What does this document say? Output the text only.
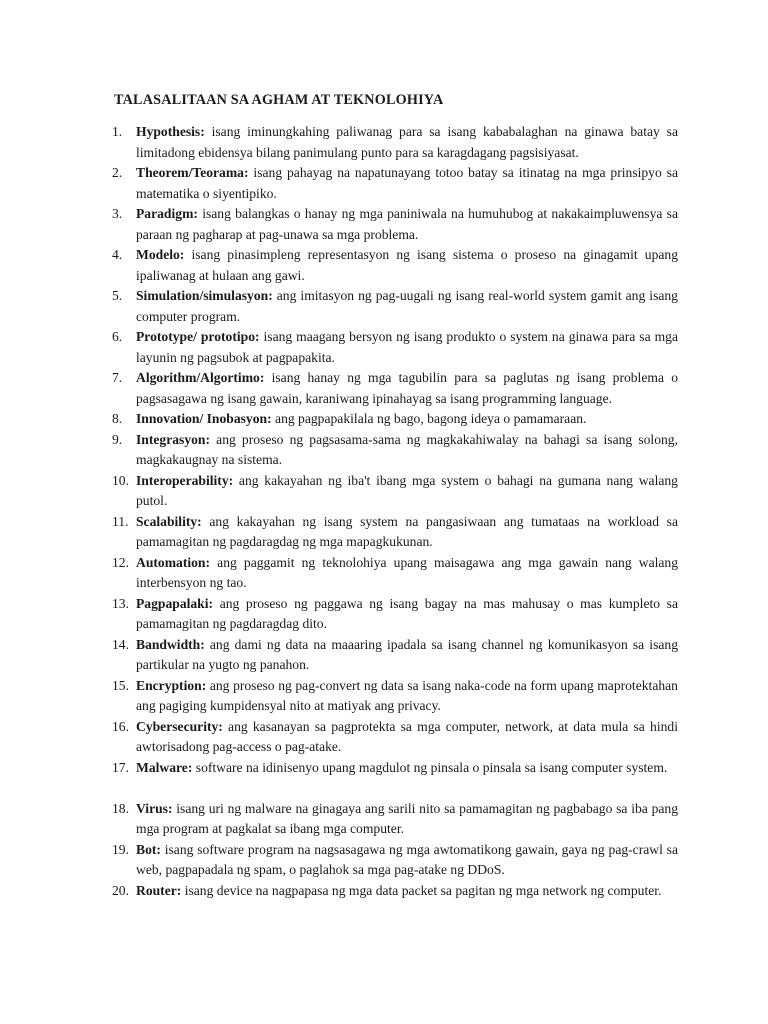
TALASALITAAN SA AGHAM AT TEKNOLOHIYA
1.	Hypothesis: isang iminungkahing paliwanag para sa isang kababalaghan na ginawa batay sa limitadong ebidensya bilang panimulang punto para sa karagdagang pagsisiyasat.
2.	Theorem/Teorama: isang pahayag na napatunayang totoo batay sa itinatag na mga prinsipyo sa matematika o siyentipiko.
3.	Paradigm: isang balangkas o hanay ng mga paniniwala na humuhubog at nakakaimpluwensya sa paraan ng pagharap at pag-unawa sa mga problema.
4.	Modelo: isang pinasimpleng representasyon ng isang sistema o proseso na ginagamit upang ipaliwanag at hulaan ang gawi.
5.	Simulation/simulasyon: ang imitasyon ng pag-uugali ng isang real-world system gamit ang isang computer program.
6.	Prototype/ prototipo: isang maagang bersyon ng isang produkto o system na ginawa para sa mga layunin ng pagsubok at pagpapakita.
7.	Algorithm/Algortimo: isang hanay ng mga tagubilin para sa paglutas ng isang problema o pagsasagawa ng isang gawain, karaniwang ipinahayag sa isang programming language.
8.	Innovation/ Inobasyon: ang pagpapakilala ng bago, bagong ideya o pamamaraan.
9.	Integrasyon: ang proseso ng pagsasama-sama ng magkakahiwalay na bahagi sa isang solong, magkakaugnay na sistema.
10. Interoperability: ang kakayahan ng iba't ibang mga system o bahagi na gumana nang walang putol.
11. Scalability: ang kakayahan ng isang system na pangasiwaan ang tumataas na workload sa pamamagitan ng pagdaragdag ng mga mapagkukunan.
12. Automation: ang paggamit ng teknolohiya upang maisagawa ang mga gawain nang walang interbensyon ng tao.
13. Pagpapalaki: ang proseso ng paggawa ng isang bagay na mas mahusay o mas kumpleto sa pamamagitan ng pagdaragdag dito.
14. Bandwidth: ang dami ng data na maaaring ipadala sa isang channel ng komunikasyon sa isang partikular na yugto ng panahon.
15. Encryption: ang proseso ng pag-convert ng data sa isang naka-code na form upang maprotektahan ang pagiging kumpidensyal nito at matiyak ang privacy.
16. Cybersecurity: ang kasanayan sa pagprotekta sa mga computer, network, at data mula sa hindi awtorisadong pag-access o pag-atake.
17. Malware: software na idinisenyo upang magdulot ng pinsala o pinsala sa isang computer system.
18. Virus: isang uri ng malware na ginagaya ang sarili nito sa pamamagitan ng pagbabago sa iba pang mga program at pagkalat sa ibang mga computer.
19. Bot: isang software program na nagsasagawa ng mga awtomatikong gawain, gaya ng pag-crawl sa web, pagpapadala ng spam, o paglahok sa mga pag-atake ng DDoS.
20. Router: isang device na nagpapasa ng mga data packet sa pagitan ng mga network ng computer.
